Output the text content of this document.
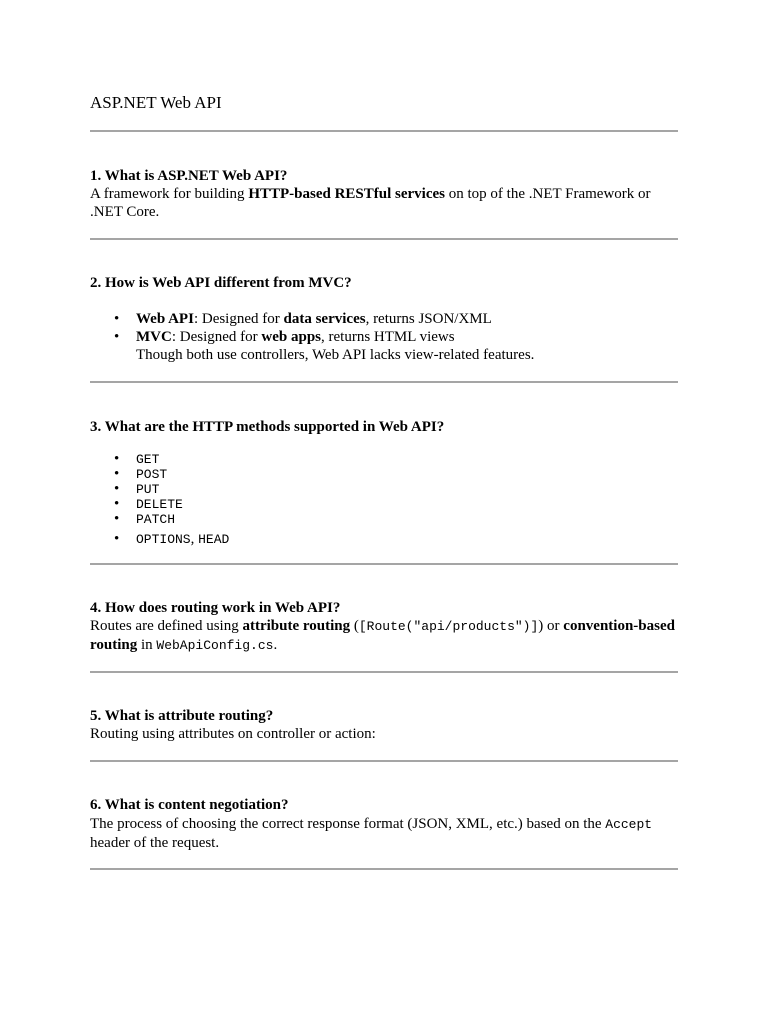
ASP.NET Web API
1. What is ASP.NET Web API?
A framework for building HTTP-based RESTful services on top of the .NET Framework or .NET Core.
2. How is Web API different from MVC?
• Web API: Designed for data services, returns JSON/XML
• MVC: Designed for web apps, returns HTML views
Though both use controllers, Web API lacks view-related features.
3. What are the HTTP methods supported in Web API?
• GET
• POST
• PUT
• DELETE
• PATCH
• OPTIONS, HEAD
4. How does routing work in Web API?
Routes are defined using attribute routing ([Route("api/products")]) or convention-based routing in WebApiConfig.cs.
5. What is attribute routing?
Routing using attributes on controller or action:
6. What is content negotiation?
The process of choosing the correct response format (JSON, XML, etc.) based on the Accept header of the request.
